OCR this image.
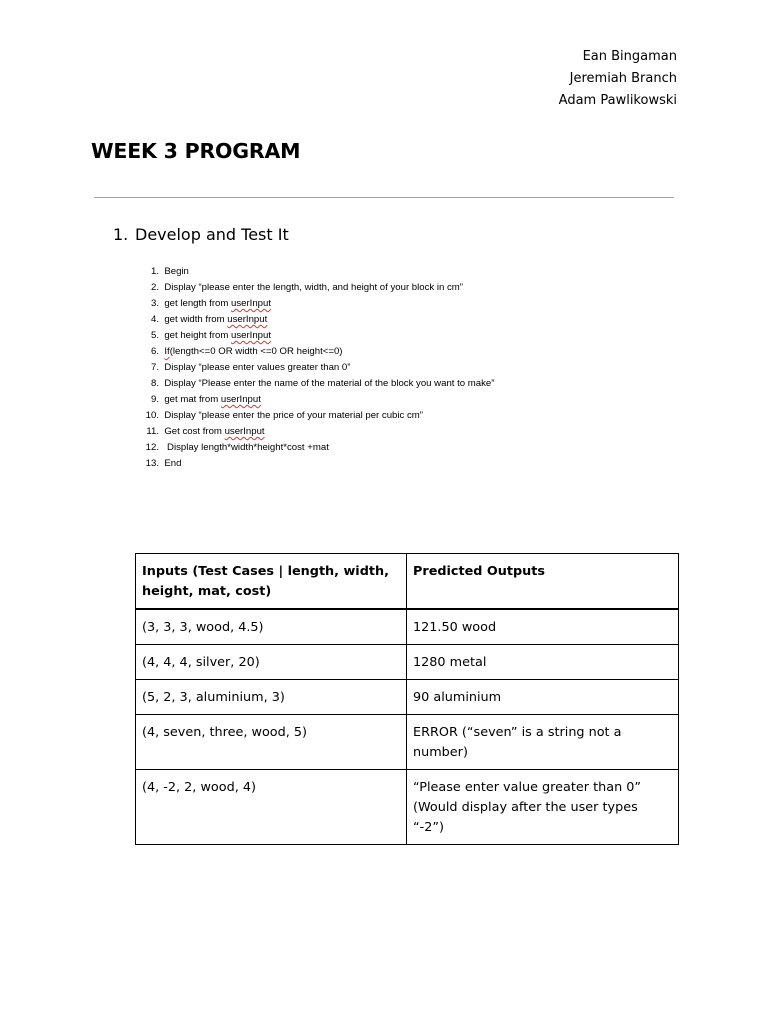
Ean Bingaman
Jeremiah Branch
Adam Pawlikowski
WEEK 3 PROGRAM
1. Develop and Test It
1. Begin
2. Display “please enter the length, width, and height of your block in cm”
3. get length from userInput
4. get width from userInput
5. get height from userInput
6. If(length<=0 OR width <=0 OR height<=0)
7. Display “please enter values greater than 0”
8. Display “Please enter the name of the material of the block you want to make”
9. get mat from userInput
10. Display “please enter the price of your material per cubic cm”
11. Get cost from userInput
12.   Display length*width*height*cost +mat
13. End
Inputs (Test Cases | length, width, height, mat, cost)	Predicted Outputs
(3, 3, 3, wood, 4.5)	121.50 wood
(4, 4, 4, silver, 20)	1280 metal
(5, 2, 3, aluminium, 3)	90 aluminium
(4, seven, three, wood, 5)	ERROR (“seven” is a string not a number)
(4, -2, 2, wood, 4)	“Please enter value greater than 0” (Would display after the user types “-2”)
